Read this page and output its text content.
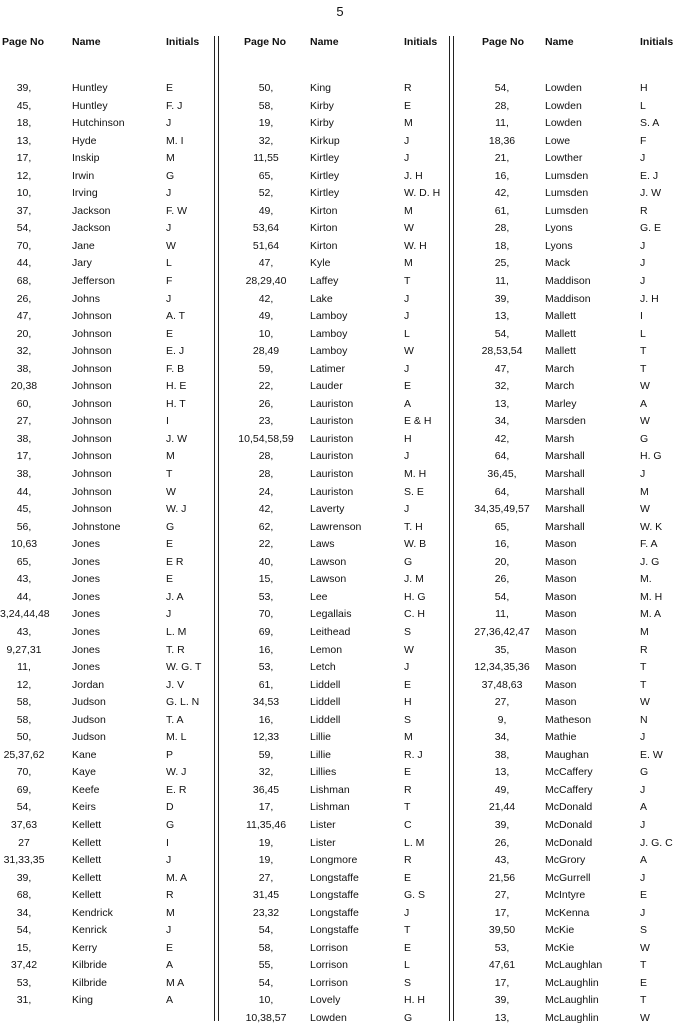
5
Page No	Name	Initials
39,	Huntley	E
45,	Huntley	F. J
18,	Hutchinson	J
13,	Hyde	M. I
17,	Inskip	M
12,	Irwin	G
10,	Irving	J
37,	Jackson	F. W
54,	Jackson	J
70,	Jane	W
44,	Jary	L
68,	Jefferson	F
26,	Johns	J
47,	Johnson	A. T
20,	Johnson	E
32,	Johnson	E. J
38,	Johnson	F. B
20,38	Johnson	H. E
60,	Johnson	H. T
27,	Johnson	I
38,	Johnson	J. W
17,	Johnson	M
38,	Johnson	T
44,	Johnson	W
45,	Johnson	W. J
56,	Johnstone	G
10,63	Jones	E
65,	Jones	E R
43,	Jones	E
44,	Jones	J. A
3,24,44,48 Jones	J
43,	Jones	L. M
9,27,31	Jones	T. R
11,	Jones	W. G. T
12,	Jordan	J. V
58,	Judson	G. L. N
58,	Judson	T. A
50,	Judson	M. L
25,37,62	Kane	P
70,	Kaye	W. J
69,	Keefe	E. R
54,	Keirs	D
37,63	Kellett	G
27	Kellett	I
31,33,35	Kellett	J
39,	Kellett	M. A
68,	Kellett	R
34,	Kendrick	M
54,	Kenrick	J
15,	Kerry	E
37,42	Kilbride	A
53,	Kilbride	M A
31,	King	A
Page No Name	Initials
50,	King	R
58,	Kirby	E
19,	Kirby	M
32,	Kirkup	J
11,55	Kirtley	J
65,	Kirtley	J. H
52,	Kirtley	W. D. H
49,	Kirton	M
53,64	Kirton	W
51,64	Kirton	W. H
47,	Kyle	M
28,29,40	Laffey	T
42,	Lake	J
49,	Lamboy	J
10,	Lamboy	L
28,49	Lamboy	W
59,	Latimer	J
22,	Lauder	E
26,	Lauriston	A
23,	Lauriston	E & H
10,54,58,59	Lauriston	H
28,	Lauriston	J
28,	Lauriston	M. H
24,	Lauriston	S. E
42,	Laverty	J
62,	Lawrenson	T. H
22,	Laws	W. B
40,	Lawson	G
15,	Lawson	J. M
53,	Lee	H. G
70,	Legallais	C. H
69,	Leithead	S
16,	Lemon	W
53,	Letch	J
61,	Liddell	E
34,53	Liddell	H
16,	Liddell	S
12,33	Lillie	M
59,	Lillie	R. J
32,	Lillies	E
36,45	Lishman	R
17,	Lishman	T
11,35,46	Lister	C
19,	Lister	L. M
19,	Longmore	R
27,	Longstaffe	E
31,45	Longstaffe	G. S
23,32	Longstaffe	J
54,	Longstaffe	T
58,	Lorrison	E
55,	Lorrison	L
54,	Lorrison	S
10,	Lovely	H. H
10,38,57	Lowden	G
Page No Name	Initials
54,	Lowden	H
28,	Lowden	L
11,	Lowden	S. A
18,36	Lowe	F
21,	Lowther	J
16,	Lumsden	E. J
42,	Lumsden	J. W
61,	Lumsden	R
28,	Lyons	G. E
18,	Lyons	J
25,	Mack	J
11,	Maddison	J
39,	Maddison	J. H
13,	Mallett	I
54,	Mallett	L
28,53,54	Mallett	T
47,	March	T
32,	March	W
13,	Marley	A
34,	Marsden	W
42,	Marsh	G
64,	Marshall	H. G
36,45,	Marshall	J
64,	Marshall	M
34,35,49,57	Marshall	W
65,	Marshall	W. K
16,	Mason	F. A
20,	Mason	J. G
26,	Mason	M.
54,	Mason	M. H
11,	Mason	M. A
27,36,42,47	Mason	M
35,	Mason	R
12,34,35,36	Mason	T
37,48,63	Mason	T
27,	Mason	W
9,	Matheson	N
34,	Mathie	J
38,	Maughan	E. W
13,	McCaffery	G
49,	McCaffery	J
21,44	McDonald	A
39,	McDonald	J
26,	McDonald	J. G. C
43,	McGrory	A
21,56	McGurrell	J
27,	McIntyre	E
17,	McKenna	J
39,50	McKie	S
53,	McKie	W
47,61	McLaughlan	T
17,	McLaughlin	E
39,	McLaughlin	T
13,	McLaughlin	W
